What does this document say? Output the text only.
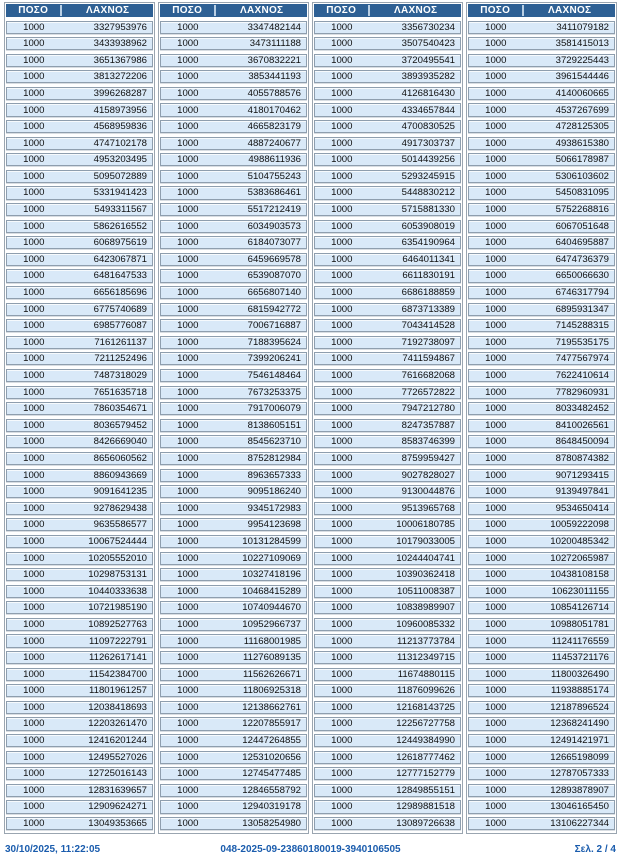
ΠΟΣΟ	ΛΑΧΝΟΣ
1000	3327953976
1000	3433938962
1000	3651367986
1000	3813272206
1000	3996268287
1000	4158973956
1000	4568959836
1000	4747102178
1000	4953203495
1000	5095072889
1000	5331941423
1000	5493311567
1000	5862616552
1000	6068975619
1000	6423067871
1000	6481647533
1000	6656185696
1000	6775740689
1000	6985776087
1000	7161261137
1000	7211252496
1000	7487318029
1000	7651635718
1000	7860354671
1000	8036579452
1000	8426669040
1000	8656060562
1000	8860943669
1000	9091641235
1000	9278629438
1000	9635586577
1000	10067524444
1000	10205552010
1000	10298753131
1000	10440333638
1000	10721985190
1000	10892527763
1000	11097222791
1000	11262617141
1000	11542384700
1000	11801961257
1000	12038418693
1000	12203261470
1000	12416201244
1000	12495527026
1000	12725016143
1000	12831639657
1000	12909624271
1000	13049353665
ΠΟΣΟ	ΛΑΧΝΟΣ
1000	3347482144
1000	3473111188
1000	3670832221
1000	3853441193
1000	4055788576
1000	4180170462
1000	4665823179
1000	4887240677
1000	4988611936
1000	5104755243
1000	5383686461
1000	5517212419
1000	6034903573
1000	6184073077
1000	6459669578
1000	6539087070
1000	6656807140
1000	6815942772
1000	7006716887
1000	7188395624
1000	7399206241
1000	7546148464
1000	7673253375
1000	7917006079
1000	8138605151
1000	8545623710
1000	8752812984
1000	8963657333
1000	9095186240
1000	9345172983
1000	9954123698
1000	10131284599
1000	10227109069
1000	10327418196
1000	10468415289
1000	10740944670
1000	10952966737
1000	11168001985
1000	11276089135
1000	11562626671
1000	11806925318
1000	12138662761
1000	12207855917
1000	12447264855
1000	12531020656
1000	12745477485
1000	12846558792
1000	12940319178
1000	13058254980
ΠΟΣΟ	ΛΑΧΝΟΣ
1000	3356730234
1000	3507540423
1000	3720495541
1000	3893935282
1000	4126816430
1000	4334657844
1000	4700830525
1000	4917303737
1000	5014439256
1000	5293245915
1000	5448830212
1000	5715881330
1000	6053908019
1000	6354190964
1000	6464011341
1000	6611830191
1000	6686188859
1000	6873713389
1000	7043414528
1000	7192738097
1000	7411594867
1000	7616682068
1000	7726572822
1000	7947212780
1000	8247357887
1000	8583746399
1000	8759959427
1000	9027828027
1000	9130044876
1000	9513965768
1000	10006180785
1000	10179033005
1000	10244404741
1000	10390362418
1000	10511008387
1000	10838989907
1000	10960085332
1000	11213773784
1000	11312349715
1000	11674880115
1000	11876099626
1000	12168143725
1000	12256727758
1000	12449384990
1000	12618777462
1000	12777152779
1000	12849855151
1000	12989881518
1000	13089726638
ΠΟΣΟ	ΛΑΧΝΟΣ
1000	3411079182
1000	3581415013
1000	3729225443
1000	3961544446
1000	4140060665
1000	4537267699
1000	4728125305
1000	4938615380
1000	5066178987
1000	5306103602
1000	5450831095
1000	5752268816
1000	6067051648
1000	6404695887
1000	6474736379
1000	6650066630
1000	6746317794
1000	6895931347
1000	7145288315
1000	7195535175
1000	7477567974
1000	7622410614
1000	7782960931
1000	8033482452
1000	8410026561
1000	8648450094
1000	8780874382
1000	9071293415
1000	9139497841
1000	9534650414
1000	10059222098
1000	10200485342
1000	10272065987
1000	10438108158
1000	10623011155
1000	10854126714
1000	10988051781
1000	11241176559
1000	11453721176
1000	11800326490
1000	11938885174
1000	12187896524
1000	12368241490
1000	12491421971
1000	12665198099
1000	12787057333
1000	12893878907
1000	13046165450
1000	13106227344
30/10/2025, 11:22:05	048-2025-09-23860180019-3940106505	Σελ. 2 / 4
